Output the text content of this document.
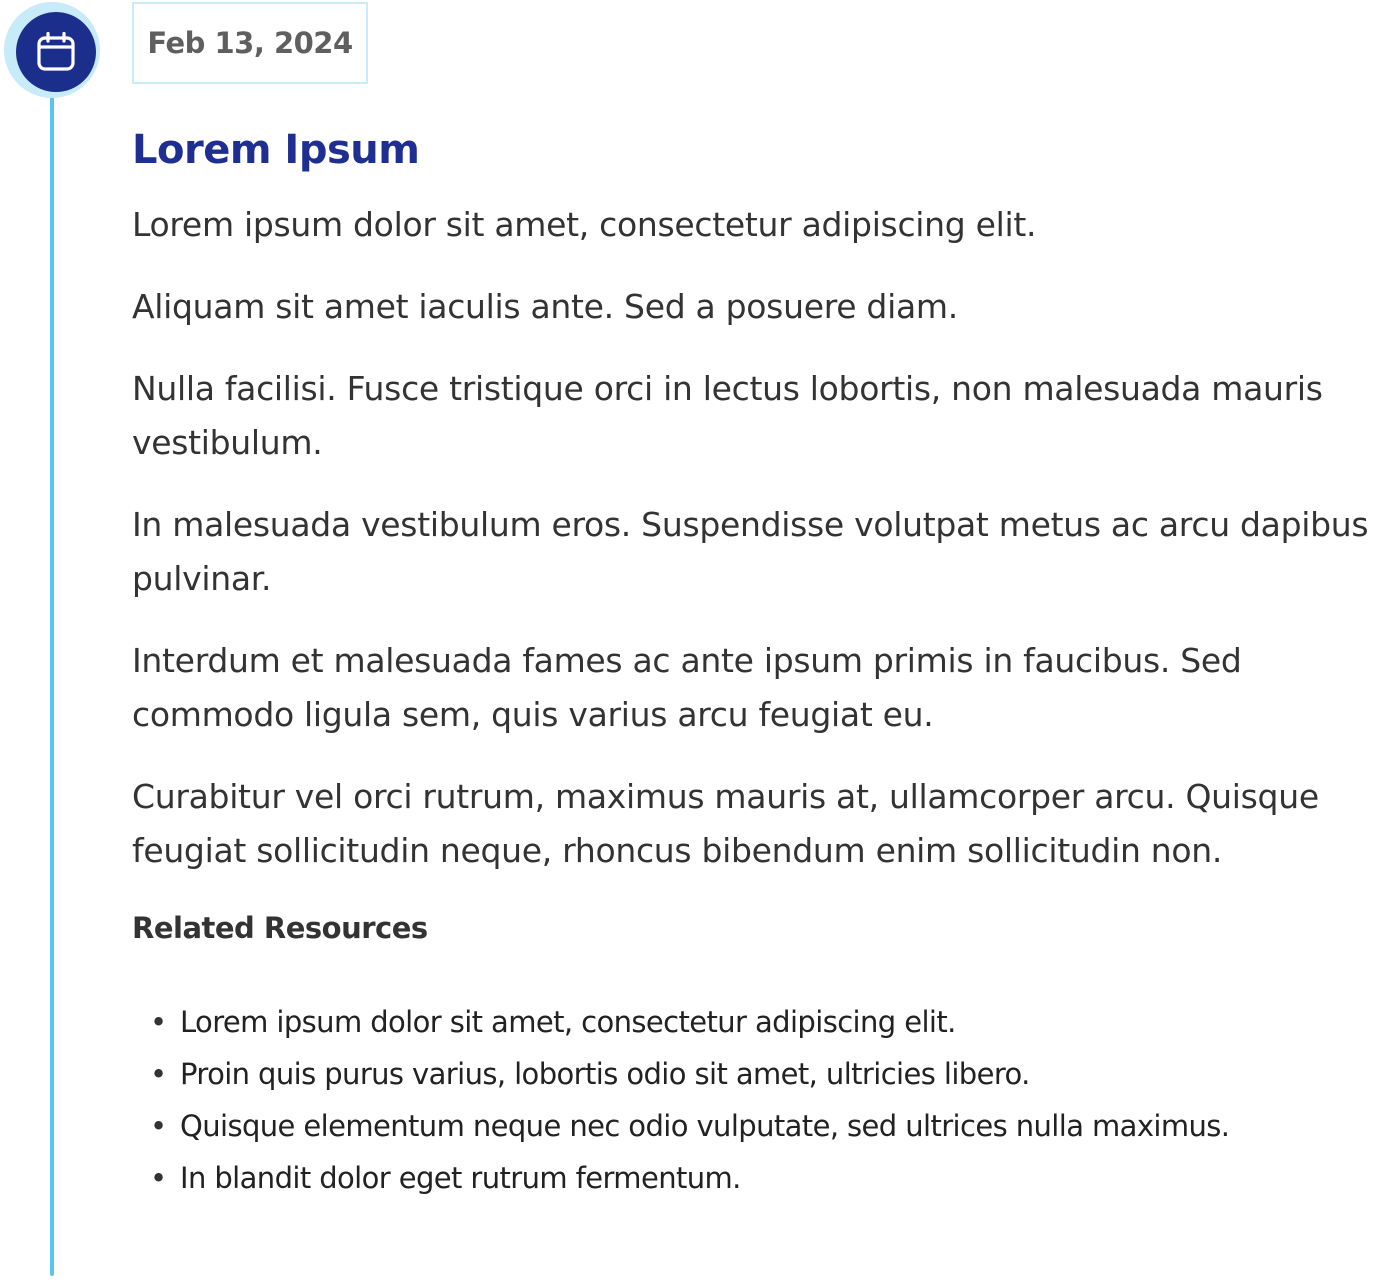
Feb 13, 2024
Lorem Ipsum

Lorem ipsum dolor sit amet, consectetur adipiscing elit.

Aliquam sit amet iaculis ante. Sed a posuere diam.

Nulla facilisi. Fusce tristique orci in lectus lobortis, non malesuada mauris vestibulum.

In malesuada vestibulum eros. Suspendisse volutpat metus ac arcu dapibus pulvinar.

Interdum et malesuada fames ac ante ipsum primis in faucibus. Sed commodo ligula sem, quis varius arcu feugiat eu.

Curabitur vel orci rutrum, maximus mauris at, ullamcorper arcu. Quisque feugiat sollicitudin neque, rhoncus bibendum enim sollicitudin non.

Related Resources
• Lorem ipsum dolor sit amet, consectetur adipiscing elit.
• Proin quis purus varius, lobortis odio sit amet, ultricies libero.
• Quisque elementum neque nec odio vulputate, sed ultrices nulla maximus.
• In blandit dolor eget rutrum fermentum.
